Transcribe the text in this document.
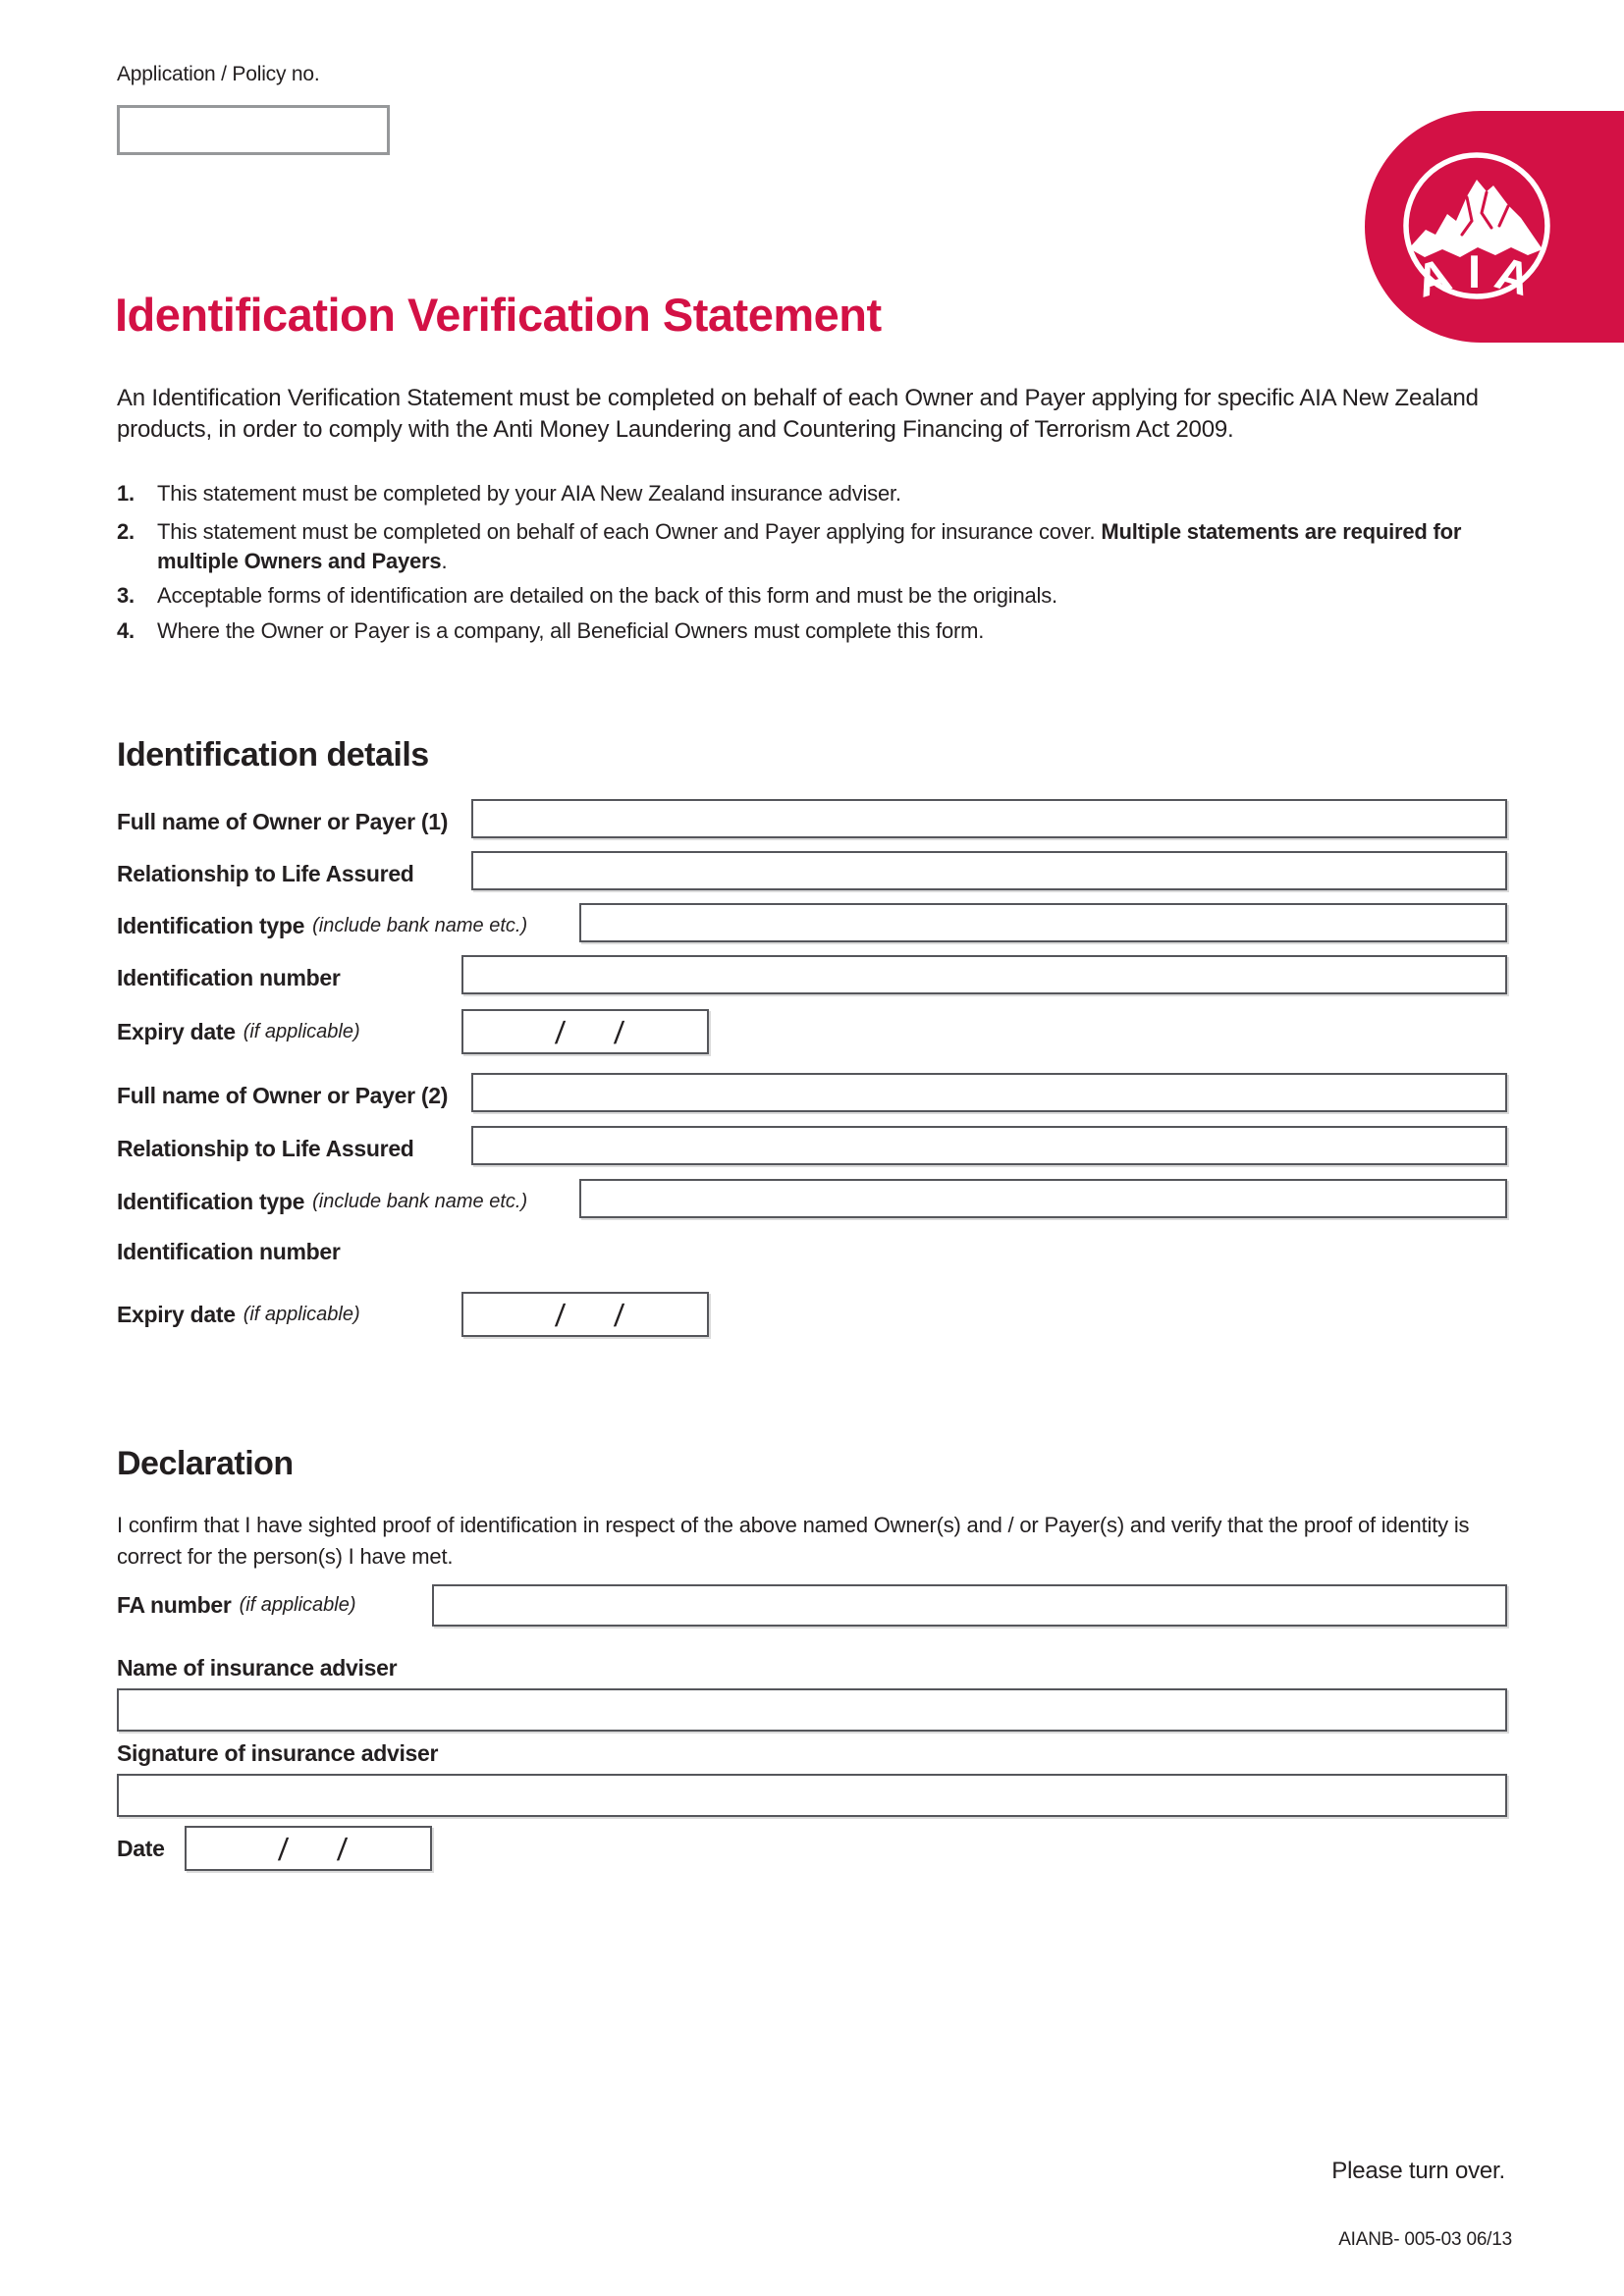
Application / Policy no.
A I A
Identification Verification Statement
An Identification Verification Statement must be completed on behalf of each Owner and Payer applying for specific AIA New Zealand products, in order to comply with the Anti Money Laundering and Countering Financing of Terrorism Act 2009.
1. This statement must be completed by your AIA New Zealand insurance adviser.
2. This statement must be completed on behalf of each Owner and Payer applying for insurance cover. Multiple statements are required for multiple Owners and Payers.
3. Acceptable forms of identification are detailed on the back of this form and must be the originals.
4. Where the Owner or Payer is a company, all Beneficial Owners must complete this form.
Identification details
Full name of Owner or Payer (1)
Relationship to Life Assured
Identification type (include bank name etc.)
Identification number
Expiry date (if applicable)	/ /
Full name of Owner or Payer (2)
Relationship to Life Assured
Identification type (include bank name etc.)
Identification number
Expiry date (if applicable)	/ /
Declaration
I confirm that I have sighted proof of identification in respect of the above named Owner(s) and / or Payer(s) and verify that the proof of identity is correct for the person(s) I have met.
FA number (if applicable)
Name of insurance adviser
Signature of insurance adviser
Date	/ /
Please turn over.
AIANB- 005-03 06/13
